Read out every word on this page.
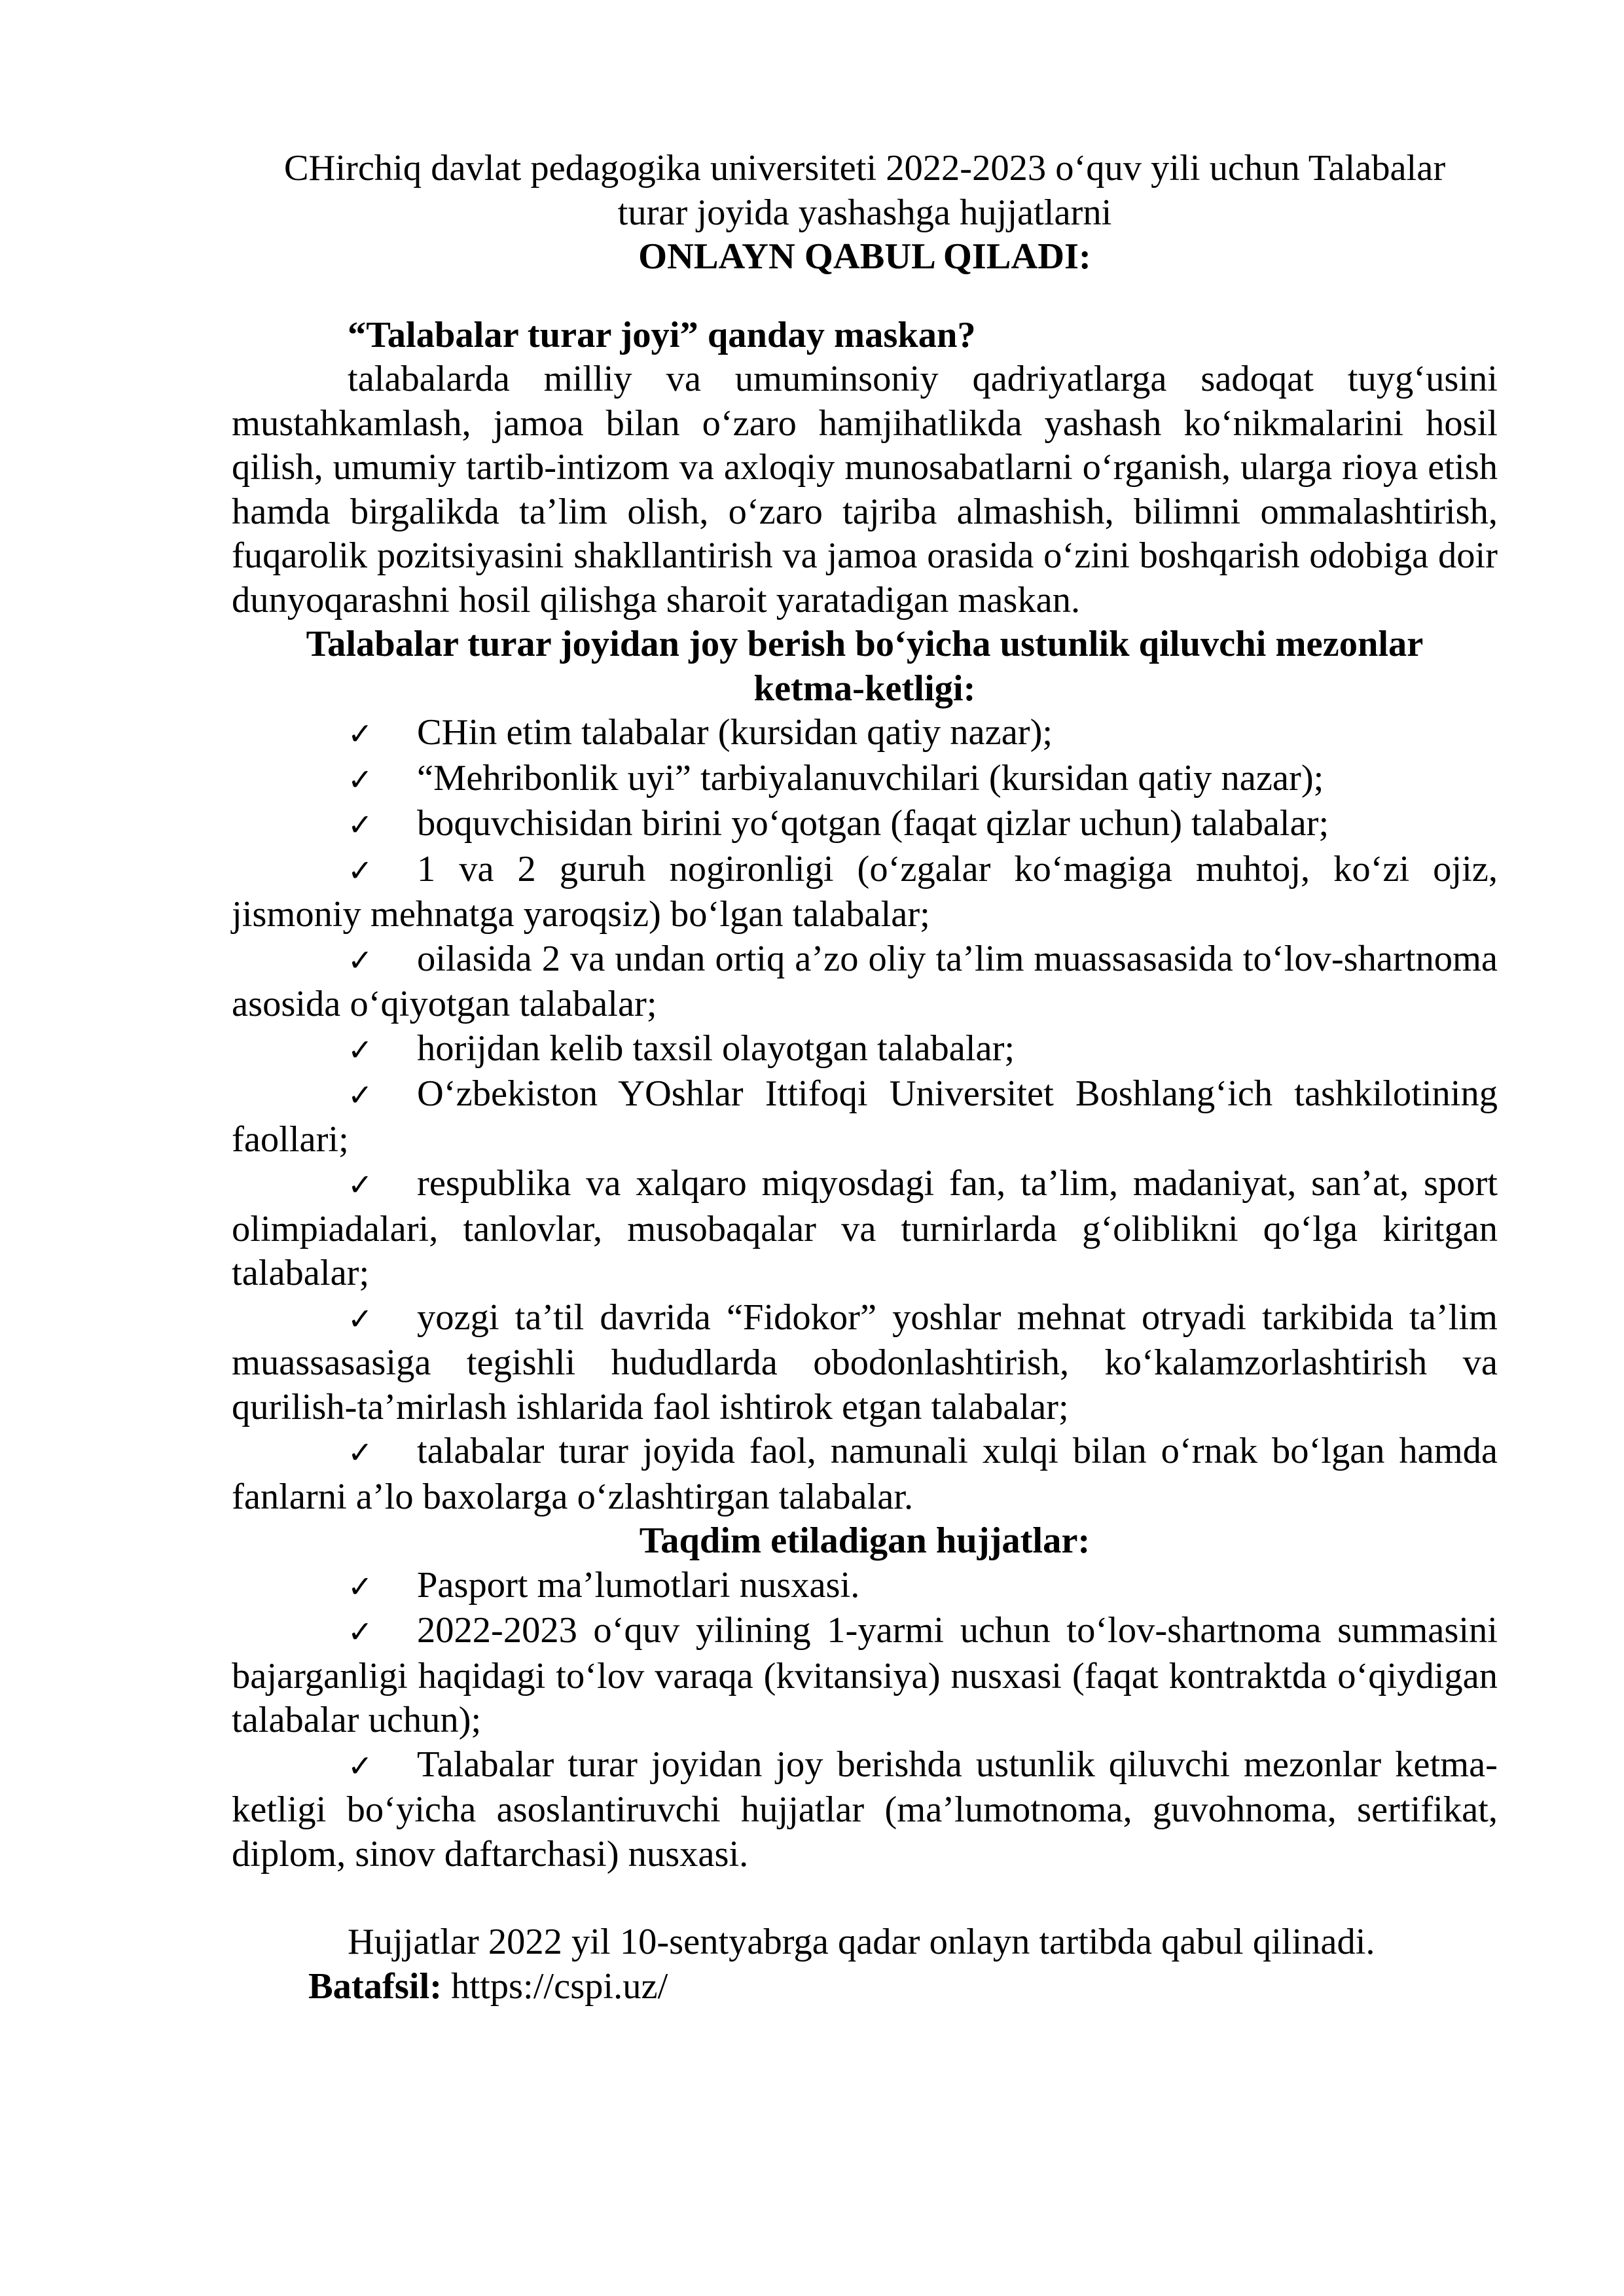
CHirchiq davlat pedagogika universiteti 2022-2023 o‘quv yili uchun Talabalar

turar joyida yashashga hujjatlarni

ONLAYN QABUL QILADI:

“Talabalar turar joyi” qanday maskan?

talabalarda milliy va umuminsoniy qadriyatlarga sadoqat tuyg‘usini mustahkamlash, jamoa bilan o‘zaro hamjihatlikda yashash ko‘nikmalarini hosil qilish, umumiy tartib-intizom va axloqiy munosabatlarni o‘rganish, ularga rioya etish hamda birgalikda ta’lim olish, o‘zaro tajriba almashish, bilimni ommalashtirish, fuqarolik pozitsiyasini shakllantirish va jamoa orasida o‘zini boshqarish odobiga doir dunyoqarashni hosil qilishga sharoit yaratadigan maskan.

Talabalar turar joyidan joy berish bo‘yicha ustunlik qiluvchi mezonlar ketma-ketligi:

✓ CHin etim talabalar (kursidan qatiy nazar);

✓ “Mehribonlik uyi” tarbiyalanuvchilari (kursidan qatiy nazar);

✓ boquvchisidan birini yo‘qotgan (faqat qizlar uchun) talabalar;

✓ 1 va 2 guruh nogironligi (o‘zgalar ko‘magiga muhtoj, ko‘zi ojiz, jismoniy mehnatga yaroqsiz) bo‘lgan talabalar;

✓ oilasida 2 va undan ortiq a’zo oliy ta’lim muassasasida to‘lov-shartnoma asosida o‘qiyotgan talabalar;

✓ horijdan kelib taxsil olayotgan talabalar;

✓ O‘zbekiston YOshlar Ittifoqi Universitet Boshlang‘ich tashkilotining faollari;

✓ respublika va xalqaro miqyosdagi fan, ta’lim, madaniyat, san’at, sport olimpiadalari, tanlovlar, musobaqalar va turnirlarda g‘oliblikni qo‘lga kiritgan talabalar;

✓ yozgi ta’til davrida “Fidokor” yoshlar mehnat otryadi tarkibida ta’lim muassasasiga tegishli hududlarda obodonlashtirish, ko‘kalamzorlashtirish va qurilish-ta’mirlash ishlarida faol ishtirok etgan talabalar;

✓ talabalar turar joyida faol, namunali xulqi bilan o‘rnak bo‘lgan hamda fanlarni a’lo baxolarga o‘zlashtirgan talabalar.

Taqdim etiladigan hujjatlar:

✓ Pasport ma’lumotlari nusxasi.

✓ 2022-2023 o‘quv yilining 1-yarmi uchun to‘lov-shartnoma summasini bajarganligi haqidagi to‘lov varaqa (kvitansiya) nusxasi (faqat kontraktda o‘qiydigan talabalar uchun);

✓ Talabalar turar joyidan joy berishda ustunlik qiluvchi mezonlar ketma-ketligi bo‘yicha asoslantiruvchi hujjatlar (ma’lumotnoma, guvohnoma, sertifikat, diplom, sinov daftarchasi) nusxasi.

Hujjatlar 2022 yil 10-sentyabrga qadar onlayn tartibda qabul qilinadi.

Batafsil: https://cspi.uz/
